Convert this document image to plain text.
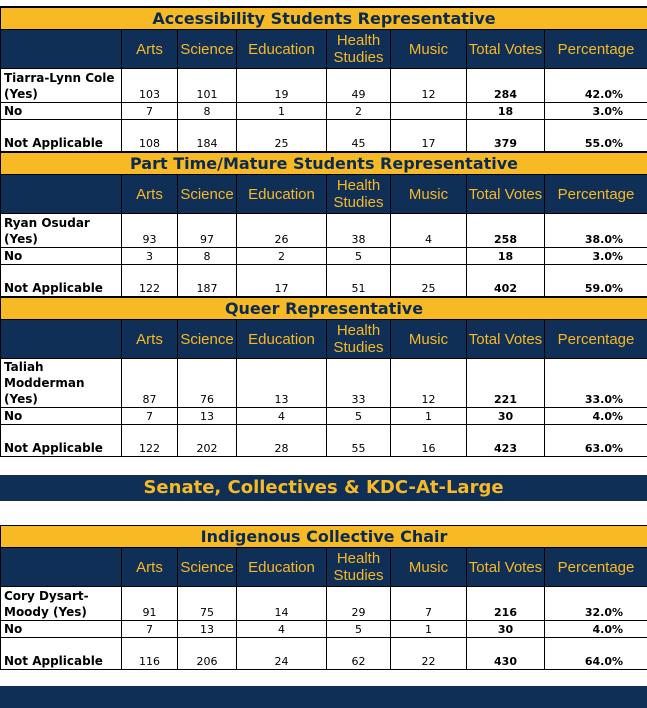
Accessibility Students Representative							
	Arts	Science	Education	Health Studies	Music	Total Votes	Percentage
Tiarra-Lynn Cole (Yes)	103	101	19	49	12	284	42.0%
No	7	8	1	2		18	3.0%
Not Applicable	108	184	25	45	17	379	55.0%
Part Time/Mature Students Representative							
	Arts	Science	Education	Health Studies	Music	Total Votes	Percentage
Ryan Osudar (Yes)	93	97	26	38	4	258	38.0%
No	3	8	2	5		18	3.0%
Not Applicable	122	187	17	51	25	402	59.0%
Queer Representative							
	Arts	Science	Education	Health Studies	Music	Total Votes	Percentage
Taliah Modderman (Yes)	87	76	13	33	12	221	33.0%
No	7	13	4	5	1	30	4.0%
Not Applicable	122	202	28	55	16	423	63.0%
Senate, Collectives & KDC-At-Large
Indigenous Collective Chair							
	Arts	Science	Education	Health Studies	Music	Total Votes	Percentage
Cory Dysart-Moody (Yes)	91	75	14	29	7	216	32.0%
No	7	13	4	5	1	30	4.0%
Not Applicable	116	206	24	62	22	430	64.0%
